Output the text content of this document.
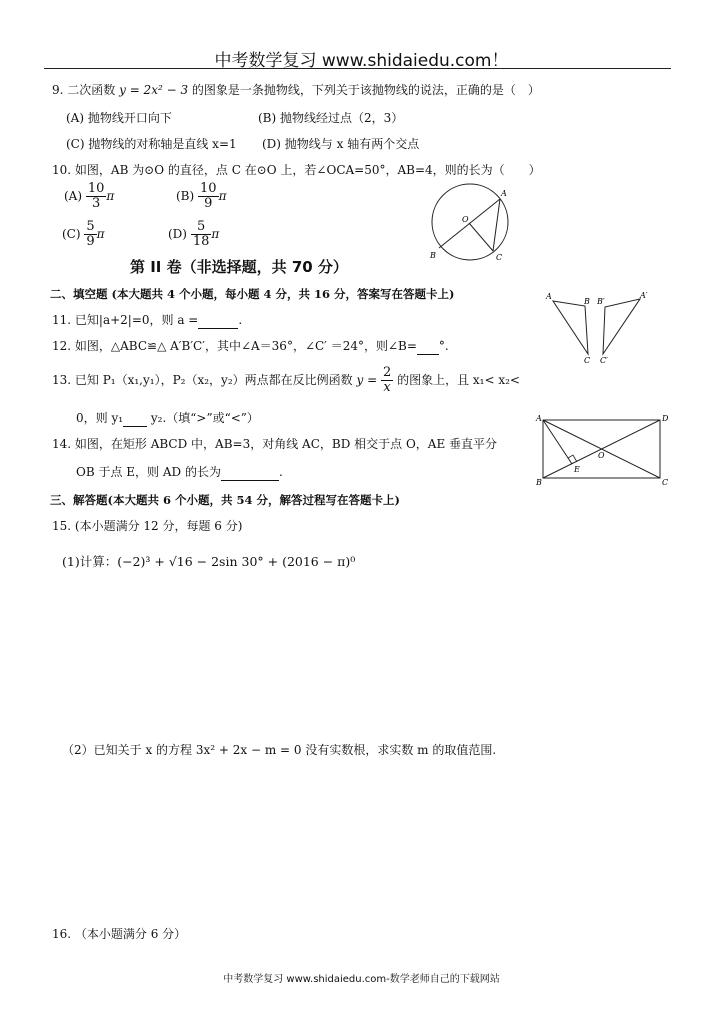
中考数学复习 www.shidaiedu.com！
9. 二次函数 y = 2x² − 3 的图象是一条抛物线，下列关于该抛物线的说法，正确的是（　）
(A) 抛物线开口向下	(B) 抛物线经过点（2，3）
(C) 抛物线的对称轴是直线 x=1 (D) 抛物线与 x 轴有两个交点
10. 如图，AB 为⊙O 的直径，点 C 在⊙O 上，若∠OCA=50°，AB=4，则的长为（　　）
$(A) \frac{10}{3}$ π	$(B) \frac{10}{9}$ π
$(C) \frac{5}{9}$ π	$(D) \frac{5}{18}$ π
A
O
B	C
第 II 卷（非选择题，共 70 分）
二、填空题 (本大题共 4 个小题，每小题 4 分，共 16 分，答案写在答题卡上)
11. 已知|a+2|=0，则 a =	.
12. 如图，△ABC≌△ A′B′C′，其中∠A＝36°，∠C′ ＝24°，则∠B= °.
A
B
C
B′
A′
C′
13. 已知 P₁（x₁,y₁），P₂（x₂，y₂）两点都在反比例函数 $y = \frac{2}{x}$ 的图象上，且 x₁< x₂<
0，则 y₁ y₂.（填“>”或“<”）
14. 如图，在矩形 ABCD 中，AB=3，对角线 AC，BD 相交于点 O，AE 垂直平分
OB 于点 E，则 AD 的长为	.
A	D
B	C
O
E
三、解答题(本大题共 6 个小题，共 54 分，解答过程写在答题卡上)
15. (本小题满分 12 分，每题 6 分)
(1)计算：(−2)³ + √16 − 2sin 30° + (2016 − π)⁰
（2）已知关于 x 的方程 3x² + 2x − m = 0 没有实数根，求实数 m 的取值范围.
16. （本小题满分 6 分）
中考数学复习 www.shidaiedu.com-数学老师自己的下载网站
